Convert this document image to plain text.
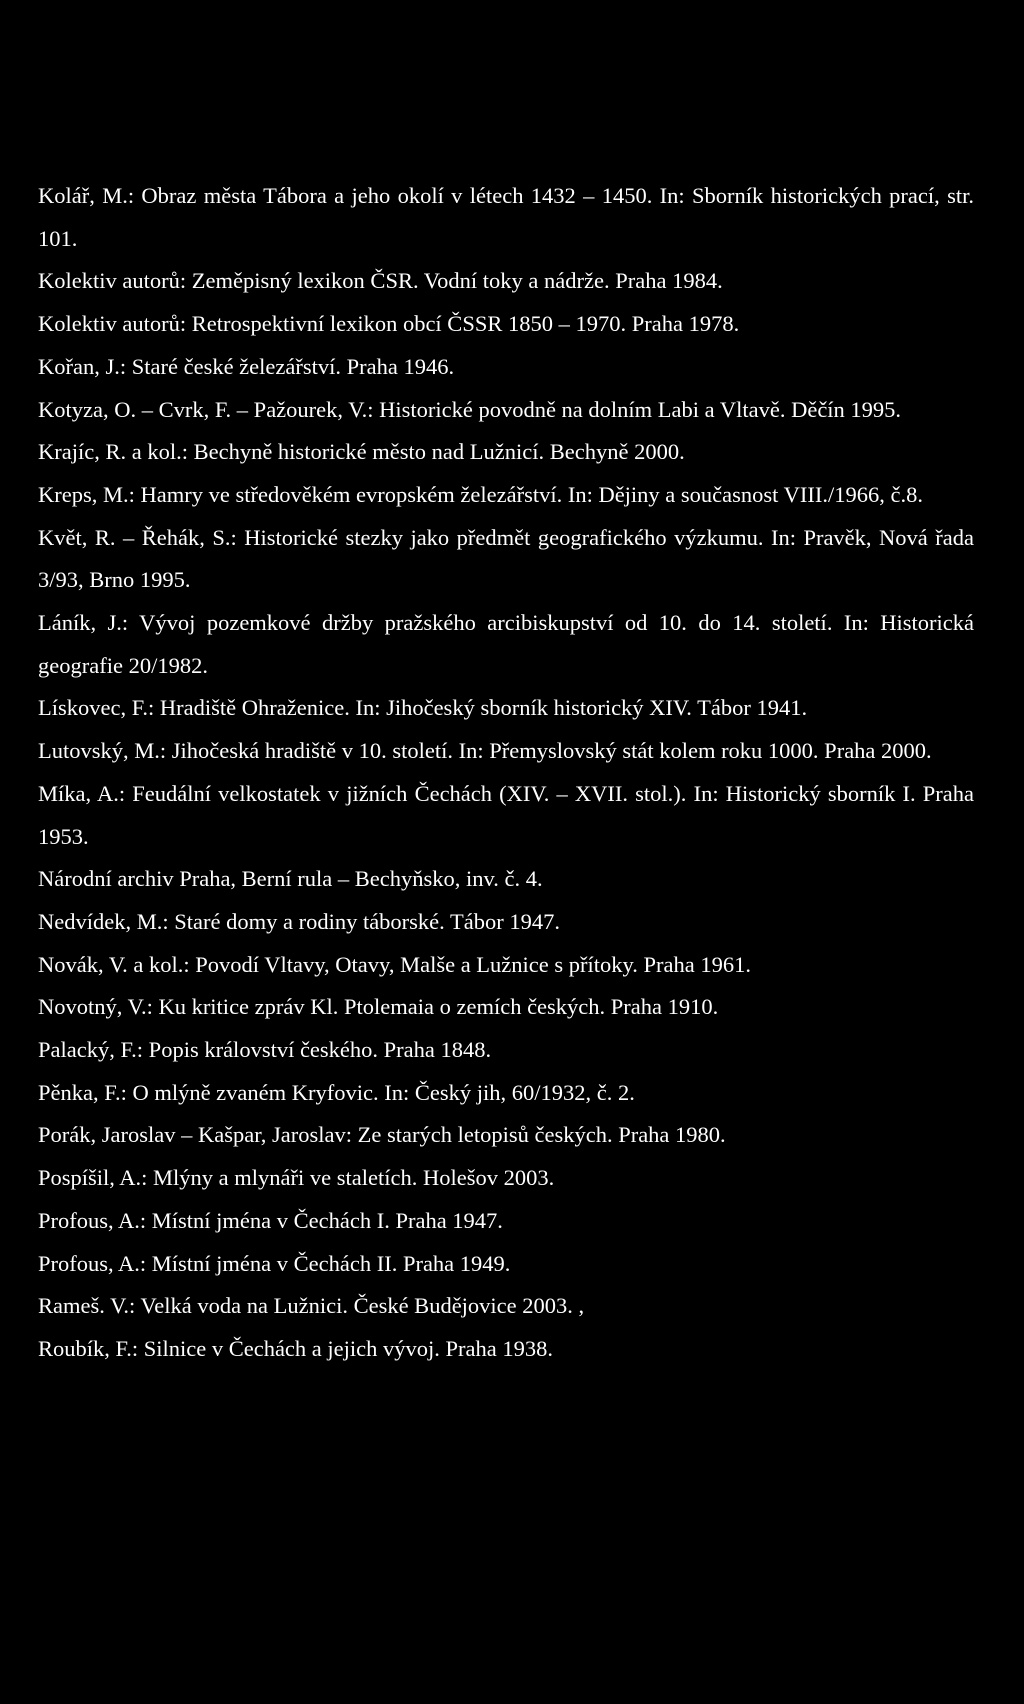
Kolář, M.: Obraz města Tábora a jeho okolí v létech 1432 – 1450. In: Sborník historických prací, str. 101.
Kolektiv autorů: Zeměpisný lexikon ČSR. Vodní toky a nádrže. Praha 1984.
Kolektiv autorů: Retrospektivní lexikon obcí ČSSR 1850 – 1970. Praha 1978.
Kořan, J.: Staré české železářství. Praha 1946.
Kotyza, O. – Cvrk, F. – Pažourek, V.: Historické povodně na dolním Labi a Vltavě. Děčín 1995.
Krajíc, R. a kol.: Bechyně historické město nad Lužnicí. Bechyně 2000.
Kreps, M.: Hamry ve středověkém evropském železářství. In: Dějiny a současnost VIII./1966, č.8.
Květ, R. – Řehák, S.: Historické stezky jako předmět geografického výzkumu. In: Pravěk, Nová řada 3/93, Brno 1995.
Láník, J.: Vývoj pozemkové držby pražského arcibiskupství od 10. do 14. století. In: Historická geografie 20/1982.
Lískovec, F.: Hradiště Ohraženice. In: Jihočeský sborník historický XIV. Tábor 1941.
Lutovský, M.: Jihočeská hradiště v 10. století. In: Přemyslovský stát kolem roku 1000. Praha 2000.
Míka, A.: Feudální velkostatek v jižních Čechách (XIV. – XVII. stol.). In: Historický sborník I. Praha 1953.
Národní archiv Praha, Berní rula – Bechyňsko, inv. č. 4.
Nedvídek, M.: Staré domy a rodiny táborské. Tábor 1947.
Novák, V. a kol.: Povodí Vltavy, Otavy, Malše a Lužnice s přítoky. Praha 1961.
Novotný, V.: Ku kritice zpráv Kl. Ptolemaia o zemích českých. Praha 1910.
Palacký, F.: Popis království českého. Praha 1848.
Pěnka, F.: O mlýně zvaném Kryfovic. In: Český jih, 60/1932, č. 2.
Porák, Jaroslav – Kašpar, Jaroslav: Ze starých letopisů českých. Praha 1980.
Pospíšil, A.: Mlýny a mlynáři ve staletích. Holešov 2003.
Profous, A.: Místní jména v Čechách I. Praha 1947.
Profous, A.: Místní jména v Čechách II. Praha 1949.
Rameš. V.: Velká voda na Lužnici. České Budějovice 2003. ,
Roubík, F.: Silnice v Čechách a jejich vývoj. Praha 1938.
